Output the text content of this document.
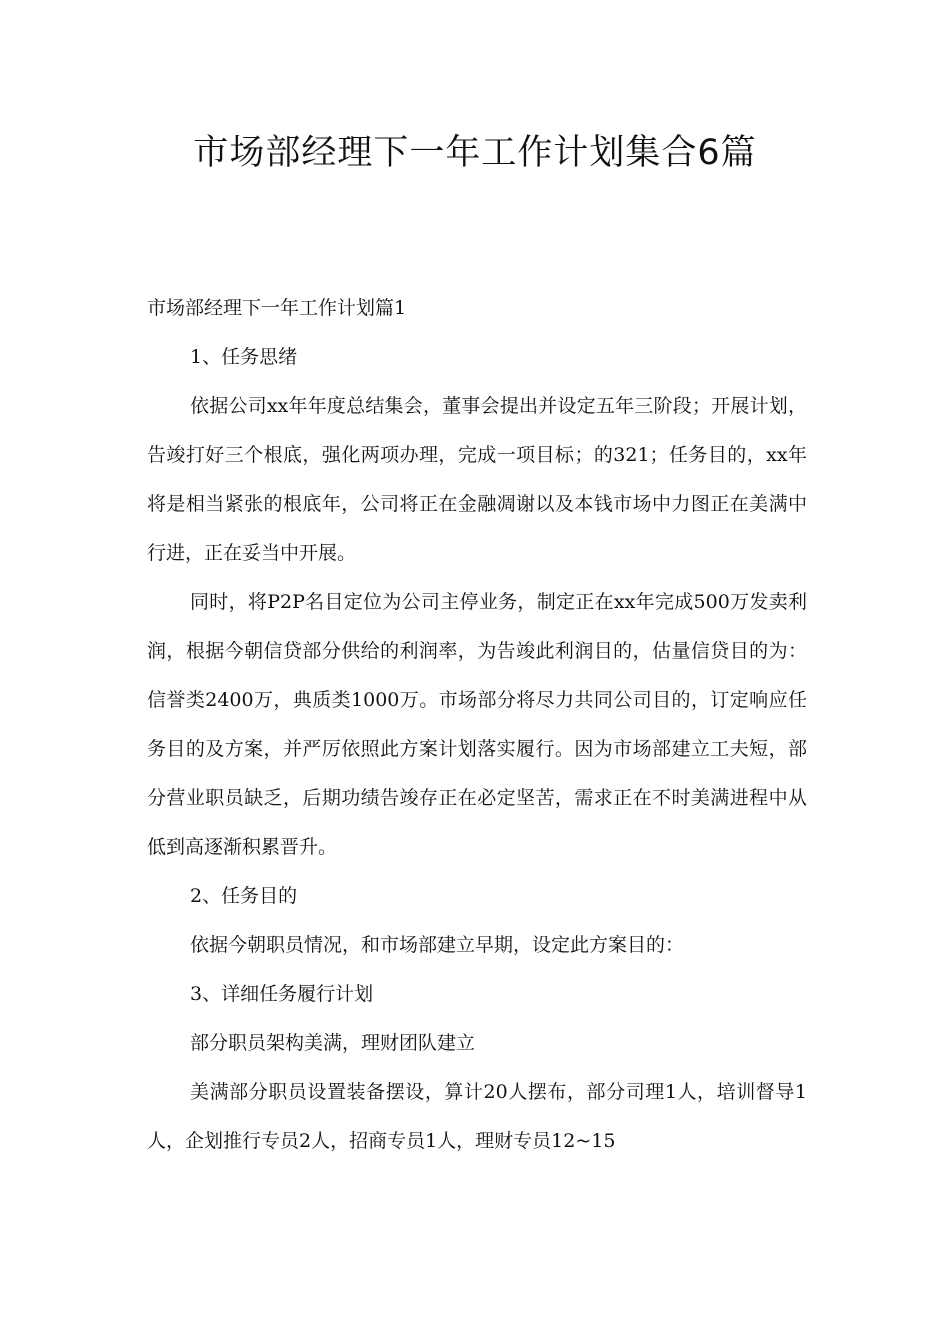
市场部经理下一年工作计划集合6篇

市场部经理下一年工作计划篇1

1、任务思绪

依据公司xx年年度总结集会，董事会提出并设定五年三阶段；开展计划，告竣打好三个根底，强化两项办理，完成一项目标；的321；任务目的，xx年将是相当紧张的根底年，公司将正在金融凋谢以及本钱市场中力图正在美满中行进，正在妥当中开展。

同时，将P2P名目定位为公司主停业务，制定正在xx年完成500万发卖利润，根据今朝信贷部分供给的利润率，为告竣此利润目的，估量信贷目的为：信誉类2400万，典质类1000万。市场部分将尽力共同公司目的，订定响应任务目的及方案，并严厉依照此方案计划落实履行。因为市场部建立工夫短，部分营业职员缺乏，后期功绩告竣存正在必定坚苦，需求正在不时美满进程中从低到高逐渐积累晋升。

2、任务目的

依据今朝职员情况，和市场部建立早期，设定此方案目的：

3、详细任务履行计划

部分职员架构美满，理财团队建立

美满部分职员设置装备摆设，算计20人摆布，部分司理1人，培训督导1人，企划推行专员2人，招商专员1人，理财专员12~15
